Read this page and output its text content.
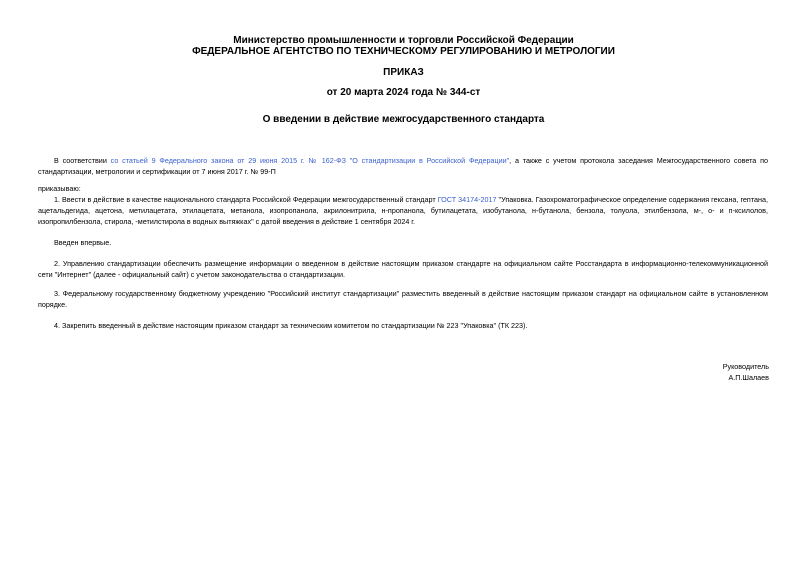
Министерство промышленности и торговли Российской Федерации
ФЕДЕРАЛЬНОЕ АГЕНТСТВО ПО ТЕХНИЧЕСКОМУ РЕГУЛИРОВАНИЮ И МЕТРОЛОГИИ
ПРИКАЗ
от 20 марта 2024 года № 344-ст
О введении в действие межгосударственного стандарта
В соответствии со статьей 9 Федерального закона от 29 июня 2015 г. № 162-ФЗ "О стандартизации в Российской Федерации", а также с учетом протокола заседания Межгосударственного совета по стандартизации, метрологии и сертификации от 7 июня 2017 г. № 99-П
приказываю:
1. Ввести в действие в качестве национального стандарта Российской Федерации межгосударственный стандарт ГОСТ 34174-2017 "Упаковка. Газохроматографическое определение содержания гексана, гептана, ацетальдегида, ацетона, метилацетата, этилацетата, метанола, изопропанола, акрилонитрила, н-пропанола, бутилацетата, изобутанола, н-бутанола, бензола, толуола, этилбензола, м-, о- и п-ксилолов, изопропилбензола, стирола, -метилстирола в водных вытяжках" с датой введения в действие 1 сентября 2024 г.
Введен впервые.
2. Управлению стандартизации обеспечить размещение информации о введенном в действие настоящим приказом стандарте на официальном сайте Росстандарта в информационно-телекоммуникационной сети "Интернет" (далее - официальный сайт) с учетом законодательства о стандартизации.
3. Федеральному государственному бюджетному учреждению "Российский институт стандартизации" разместить введенный в действие настоящим приказом стандарт на официальном сайте в установленном порядке.
4. Закрепить введенный в действие настоящим приказом стандарт за техническим комитетом по стандартизации № 223 "Упаковка" (ТК 223).
Руководитель
А.П.Шалаев
